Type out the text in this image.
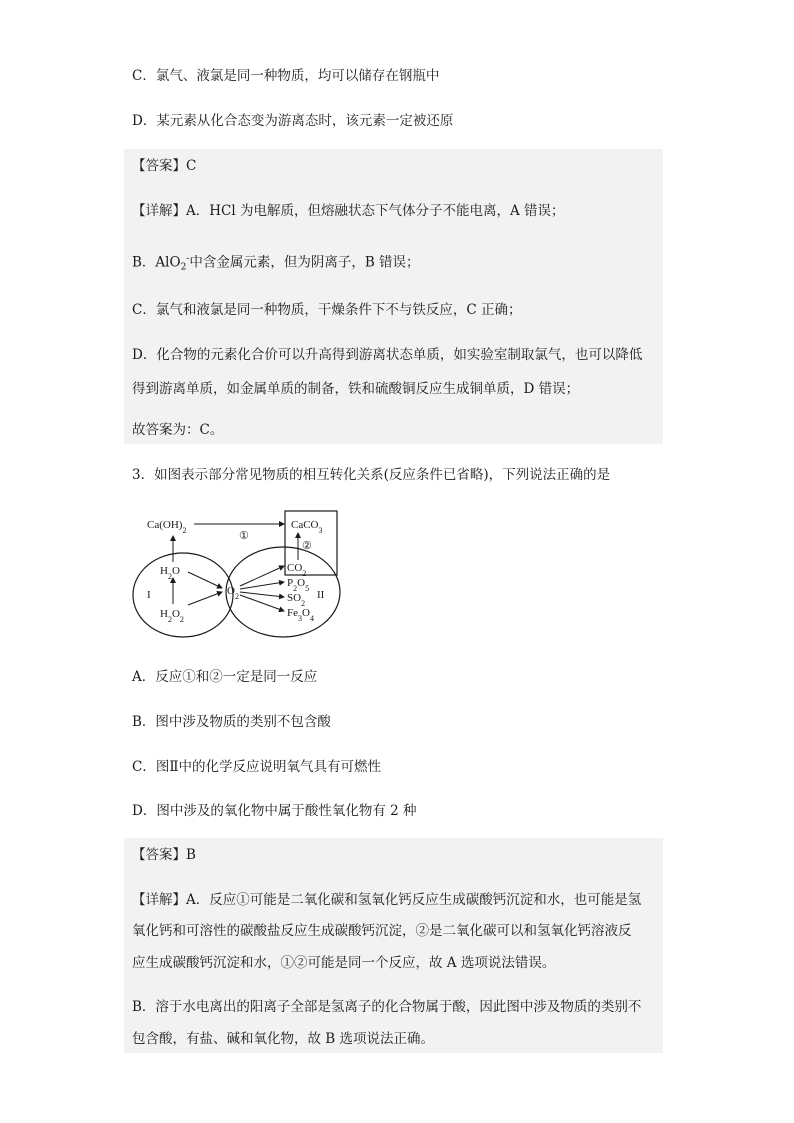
C．氯气、液氯是同一种物质，均可以储存在钢瓶中
D．某元素从化合态变为游离态时，该元素一定被还原
【答案】C
【详解】A．HCl 为电解质，但熔融状态下气体分子不能电离，A 错误；
B．AlO$_2$-中含金属元素，但为阴离子，B 错误；
C．氯气和液氯是同一种物质，干燥条件下不与铁反应，C 正确；
D．化合物的元素化合价可以升高得到游离状态单质，如实验室制取氯气，也可以降低
得到游离单质，如金属单质的制备，铁和硫酸铜反应生成铜单质，D 错误；
故答案为：C。
3．如图表示部分常见物质的相互转化关系(反应条件已省略)，下列说法正确的是
$Ca(OH)_2$	CaCO$_3$
①
②
$H_2O$
$H_2O_2$
I	$O_2$
$CO_2$
$P_2O_5$
$SO_2$
$Fe_3O_4$
II
A．反应①和②一定是同一反应
B．图中涉及物质的类别不包含酸
C．图Ⅱ中的化学反应说明氧气具有可燃性
D．图中涉及的氧化物中属于酸性氧化物有 2 种
【答案】B
【详解】A．反应①可能是二氧化碳和氢氧化钙反应生成碳酸钙沉淀和水，也可能是氢
氧化钙和可溶性的碳酸盐反应生成碳酸钙沉淀，②是二氧化碳可以和氢氧化钙溶液反
应生成碳酸钙沉淀和水，①②可能是同一个反应，故 A 选项说法错误。
B．溶于水电离出的阳离子全部是氢离子的化合物属于酸，因此图中涉及物质的类别不
包含酸，有盐、碱和氧化物，故 B 选项说法正确。
